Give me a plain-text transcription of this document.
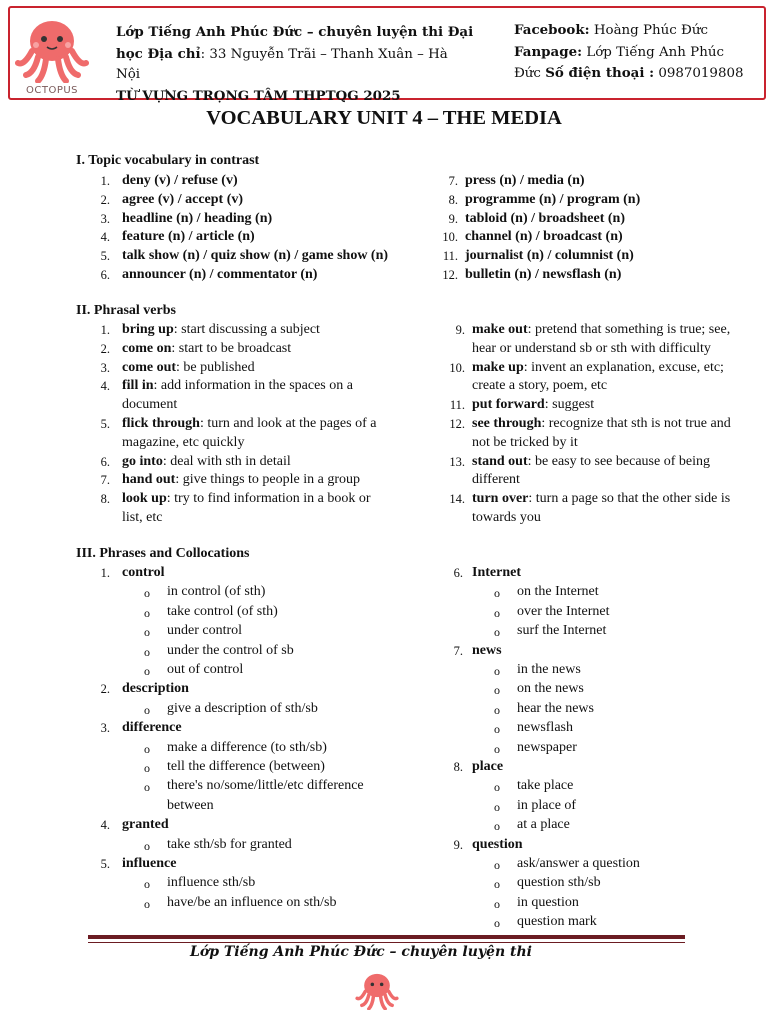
OCTOPUS
Lớp Tiếng Anh Phúc Đức – chuyên luyện thi Đại
học Địa chỉ: 33 Nguyễn Trãi – Thanh Xuân – Hà Nội
TỪ VỰNG TRỌNG TÂM THPTQG 2025
Facebook: Hoàng Phúc Đức
Fanpage: Lớp Tiếng Anh Phúc
Đức Số điện thoại : 0987019808
VOCABULARY UNIT 4 – THE MEDIA
I. Topic vocabulary in contrast
II. Phrasal verbs
III. Phrases and Collocations
1. deny (v) / refuse (v)
2. agree (v) / accept (v)
3. headline (n) / heading (n)
4. feature (n) / article (n)
5. talk show (n) / quiz show (n) / game show (n)
6. announcer (n) / commentator (n)
7. press (n) / media (n)
8. programme (n) / program (n)
9. tabloid (n) / broadsheet (n)
10. channel (n) / broadcast (n)
11. journalist (n) / columnist (n)
12. bulletin (n) / newsflash (n)
1. bring up: start discussing a subject
2. come on: start to be broadcast
3. come out: be published
4. fill in: add information in the spaces on a
document
5. flick through: turn and look at the pages of a
magazine, etc quickly
6. go into: deal with sth in detail
7. hand out: give things to people in a group
8. look up: try to find information in a book or
list, etc
9. make out: pretend that something is true; see,
hear or understand sb or sth with difficulty
10. make up: invent an explanation, excuse, etc;
create a story, poem, etc
11. put forward: suggest
12. see through: recognize that sth is not true and
not be tricked by it
13. stand out: be easy to see because of being
different
14. turn over: turn a page so that the other side is
towards you
1. control
o in control (of sth)
o take control (of sth)
o under control
o under the control of sb
o out of control
2. description
o give a description of sth/sb
3. difference
o make a difference (to sth/sb)
o tell the difference (between)
o there's no/some/little/etc difference
between
4. granted
o take sth/sb for granted
5. influence
o influence sth/sb
o have/be an influence on sth/sb
6. Internet
o on the Internet
o over the Internet
o surf the Internet
7. news
o in the news
o on the news
o hear the news
o newsflash
o newspaper
8. place
o take place
o in place of
o at a place
9. question
o ask/answer a question
o question sth/sb
o in question
o question mark
Lớp Tiếng Anh Phúc Đức – chuyên luyện thi
